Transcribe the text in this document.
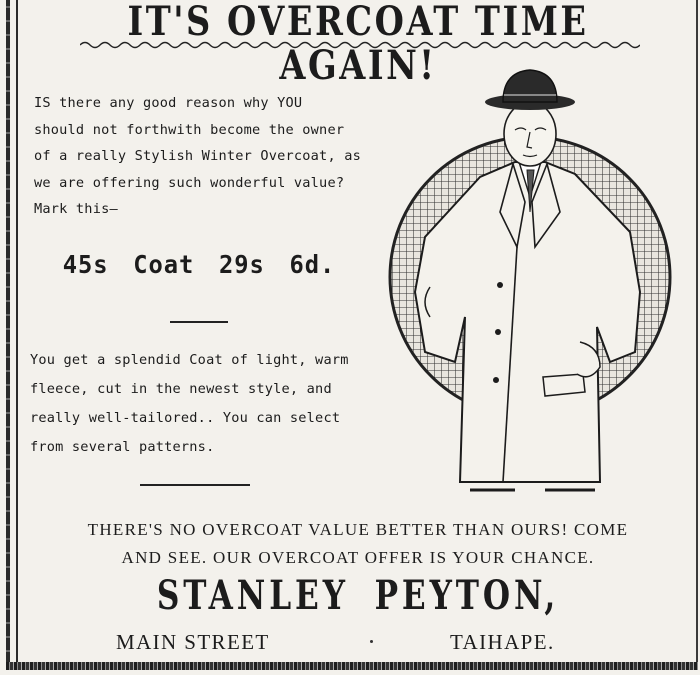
IT'S OVERCOAT TIME AGAIN!
IS there any good reason why YOU
should not forthwith become the owner
of a really Stylish Winter Overcoat, as
we are offering such wonderful value?
Mark this—
45s Coat 29s 6d.
You get a splendid Coat of light, warm
fleece, cut in the newest style, and
really well-tailored.. You can select
from several patterns.
THERE'S NO OVERCOAT VALUE BETTER THAN OURS! COME
AND SEE. OUR OVERCOAT OFFER IS YOUR CHANCE.
STANLEY PEYTON,
MAIN STREET	TAIHAPE.
